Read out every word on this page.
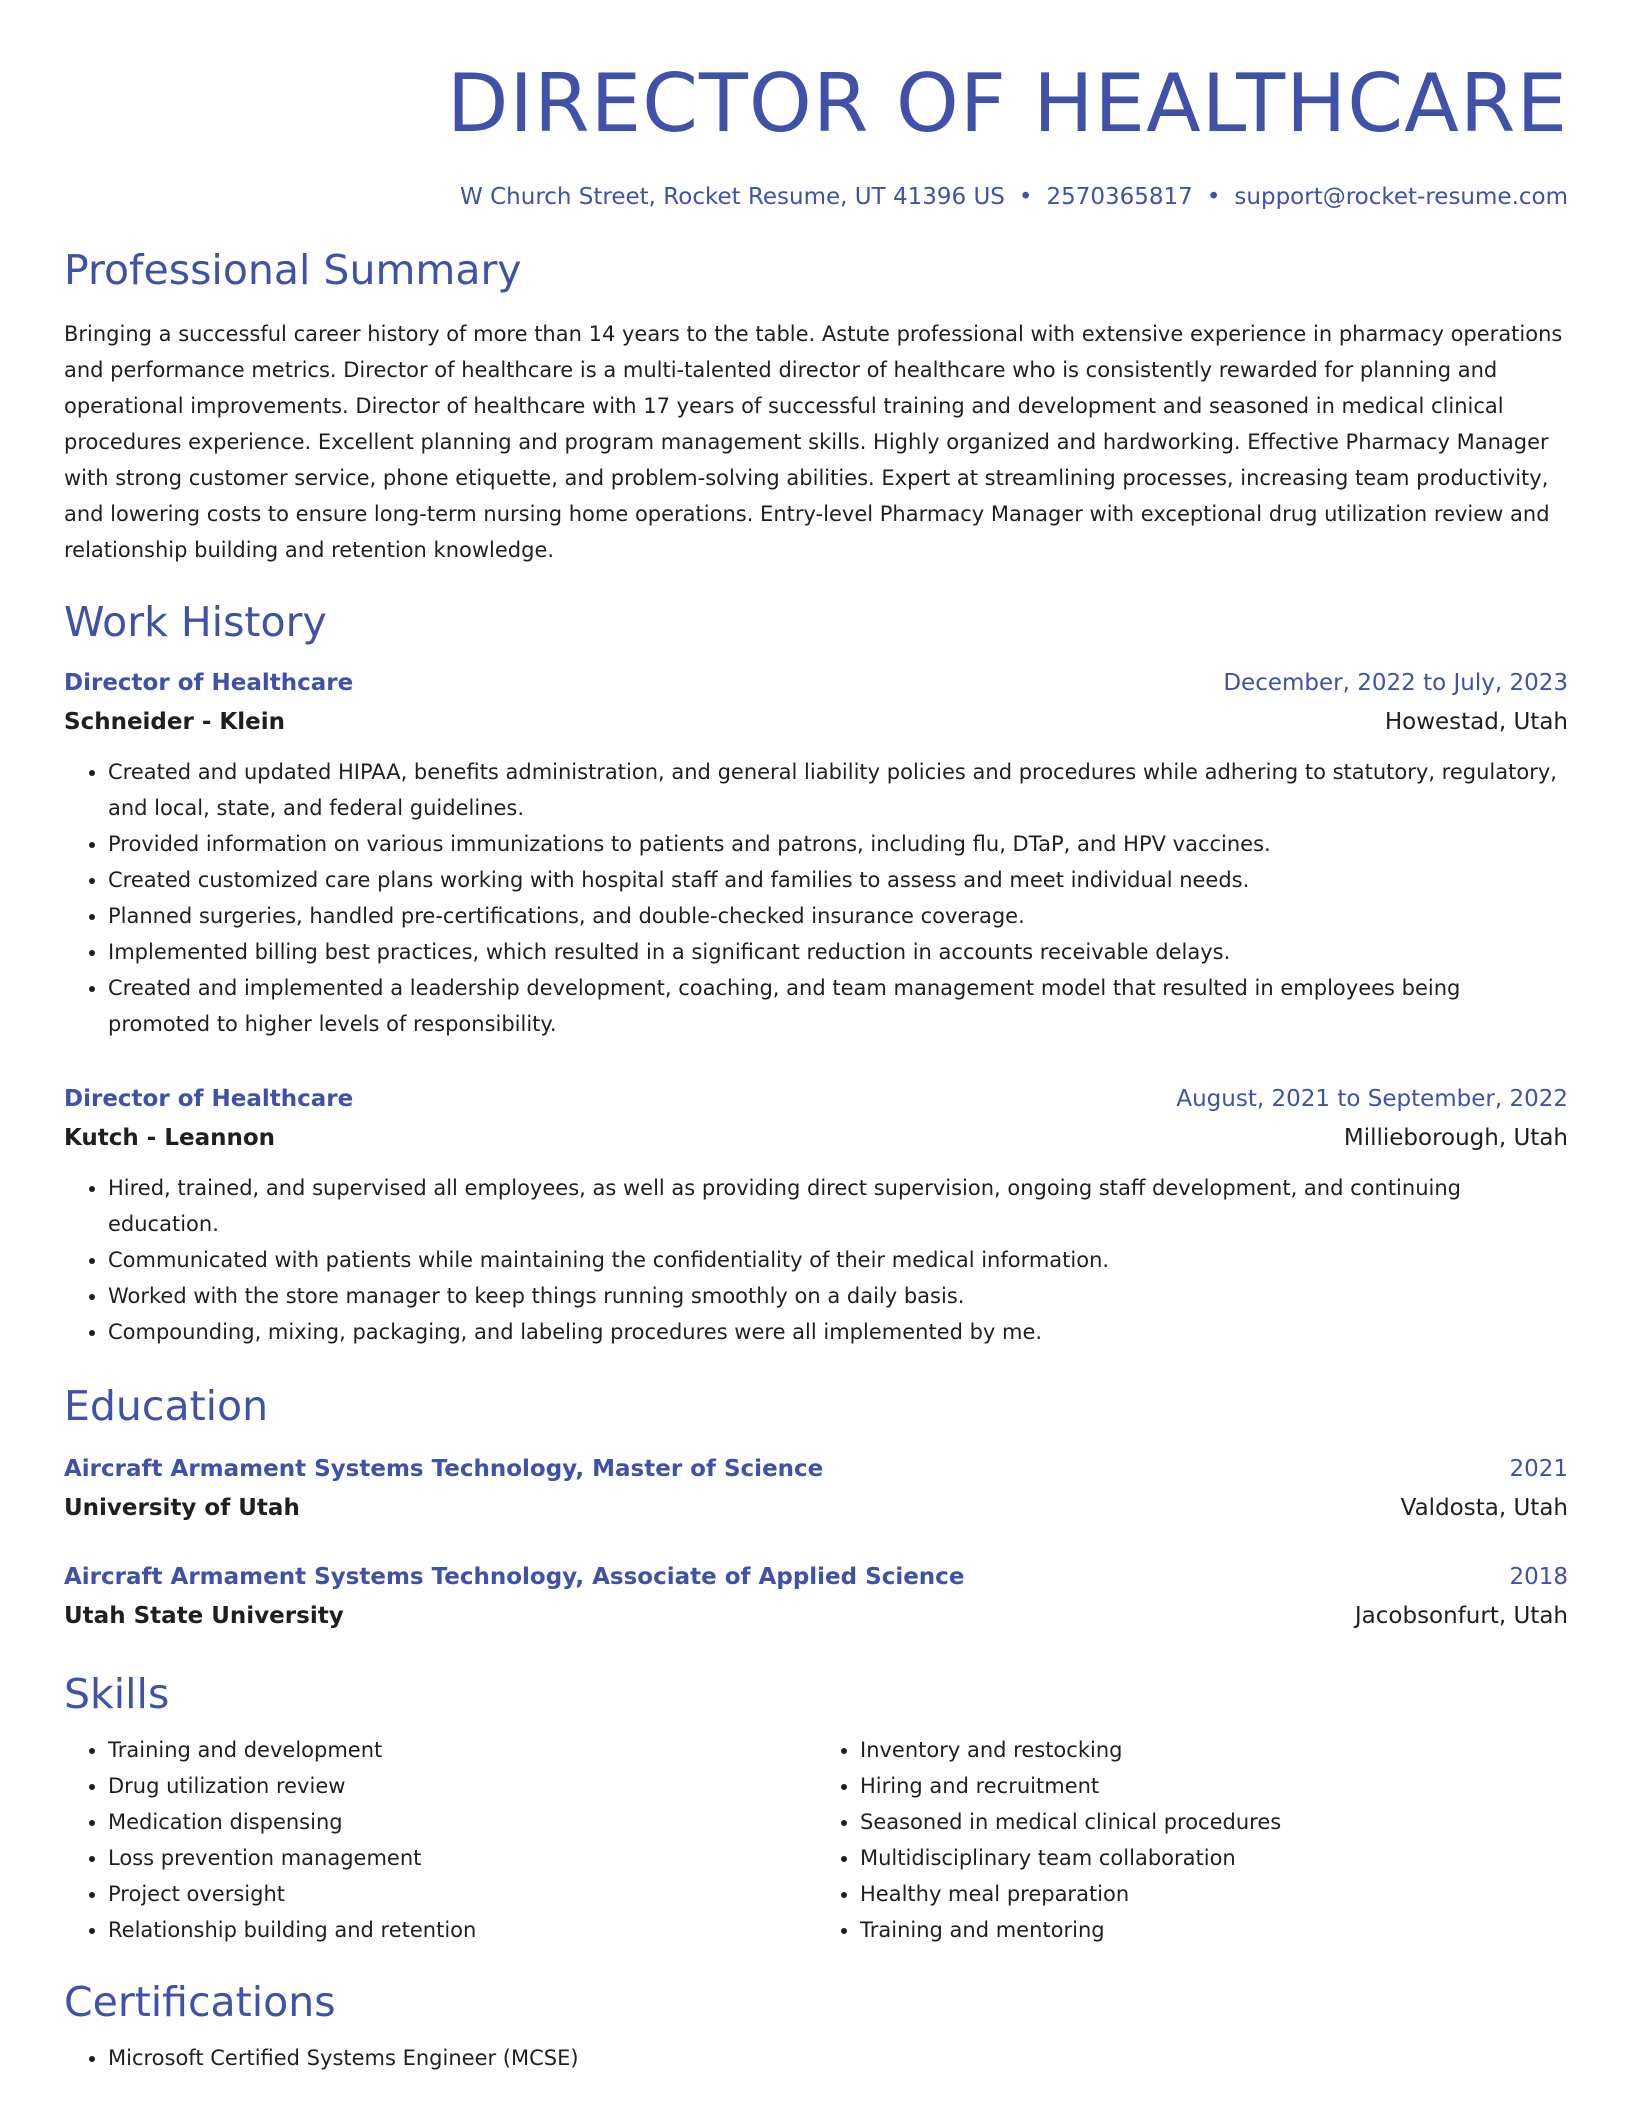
DIRECTOR OF HEALTHCARE
W Church Street, Rocket Resume, UT 41396 US • 2570365817 • support@rocket-resume.com
Professional Summary

Bringing a successful career history of more than 14 years to the table. Astute professional with extensive experience in pharmacy operations and performance metrics. Director of healthcare is a multi-talented director of healthcare who is consistently rewarded for planning and operational improvements. Director of healthcare with 17 years of successful training and development and seasoned in medical clinical procedures experience. Excellent planning and program management skills. Highly organized and hardworking. Effective Pharmacy Manager with strong customer service, phone etiquette, and problem-solving abilities. Expert at streamlining processes, increasing team productivity, and lowering costs to ensure long-term nursing home operations. Entry-level Pharmacy Manager with exceptional drug utilization review and relationship building and retention knowledge.

Work History
Director of Healthcare	December, 2022 to July, 2023
Schneider - Klein	Howestad, Utah
• Created and updated HIPAA, benefits administration, and general liability policies and procedures while adhering to statutory, regulatory, and local, state, and federal guidelines.
• Provided information on various immunizations to patients and patrons, including flu, DTaP, and HPV vaccines.
• Created customized care plans working with hospital staff and families to assess and meet individual needs.
• Planned surgeries, handled pre-certifications, and double-checked insurance coverage.
• Implemented billing best practices, which resulted in a significant reduction in accounts receivable delays.
• Created and implemented a leadership development, coaching, and team management model that resulted in employees being promoted to higher levels of responsibility.
Director of Healthcare	August, 2021 to September, 2022
Kutch - Leannon	Millieborough, Utah
• Hired, trained, and supervised all employees, as well as providing direct supervision, ongoing staff development, and continuing education.
• Communicated with patients while maintaining the confidentiality of their medical information.
• Worked with the store manager to keep things running smoothly on a daily basis.
• Compounding, mixing, packaging, and labeling procedures were all implemented by me.
Education
Aircraft Armament Systems Technology, Master of Science	2021
University of Utah	Valdosta, Utah
Aircraft Armament Systems Technology, Associate of Applied Science	2018
Utah State University	Jacobsonfurt, Utah
Skills
• Training and development
• Drug utilization review
• Medication dispensing
• Loss prevention management
• Project oversight
• Relationship building and retention
• Inventory and restocking
• Hiring and recruitment
• Seasoned in medical clinical procedures
• Multidisciplinary team collaboration
• Healthy meal preparation
• Training and mentoring
Certifications
• Microsoft Certified Systems Engineer (MCSE)
